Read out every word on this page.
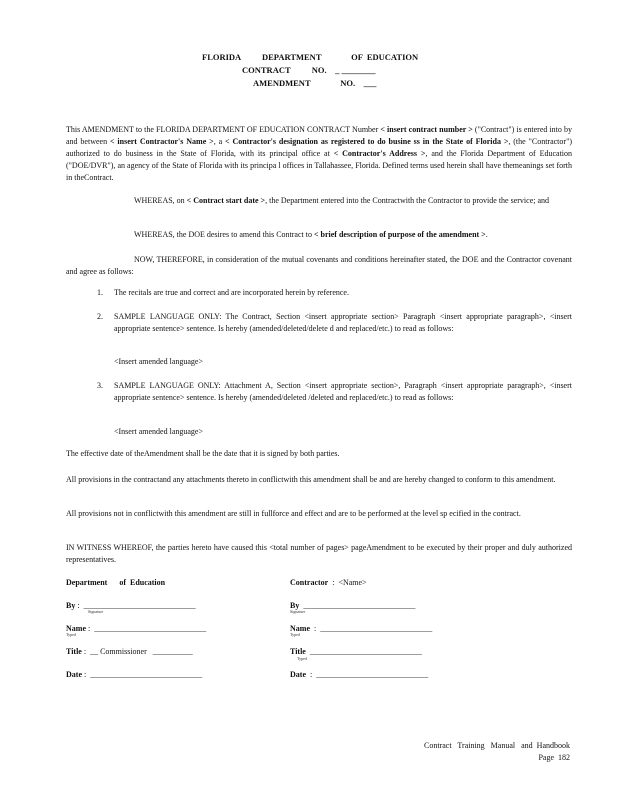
FLORIDA          DEPARTMENT              OF  EDUCATION
CONTRACT          NO.    _ ________
AMENDMENT              NO.    ___
This AMENDMENT to the FLORIDA DEPARTMENT OF EDUCATION CONTRACT Number < insert contract number > ("Contract") is entered into by and between < insert Contractor's Name >, a < Contractor's designation as registered to do busine ss in the State of Florida >, (the "Contractor") authorized to do business in the State of Florida, with its principal office at < Contractor's Address >, and the Florida Department of Education ("DOE/DVR"), an agency of the State of Florida with its principa l offices in Tallahassee, Florida. Defined terms used herein shall have themeanings set forth in theContract.
WHEREAS, on < Contract start date >, the Department entered into the Contractwith the Contractor to provide the service; and
WHEREAS, the DOE desires to amend this Contract to < brief description of purpose of the amendment >.
NOW, THEREFORE, in consideration of the mutual covenants and conditions hereinafter stated, the DOE and the Contractor covenant and agree as follows:
1.	The recitals are true and correct and are incorporated herein by reference.
2.	SAMPLE LANGUAGE ONLY: The Contract, Section <insert appropriate section> Paragraph <insert appropriate paragraph>, <insert appropriate sentence> sentence. Is hereby (amended/deleted/delete d and replaced/etc.) to read as follows:
<Insert amended language>
3.	SAMPLE LANGUAGE ONLY: Attachment A, Section <insert appropriate section>, Paragraph <insert appropriate paragraph>, <insert appropriate sentence> sentence. Is hereby (amended/deleted /deleted and replaced/etc.) to read as follows:
<Insert amended language>
The effective date of theAmendment shall be the date that it is signed by both parties.
All provisions in the contractand any attachments thereto in conflictwith this amendment shall be and are hereby changed to conform to this amendment.
All provisions not in conflictwith this amendment are still in fullforce and effect and are to be performed at the level sp ecified in the contract.
IN WITNESS WHEREOF, the parties hereto have caused this <total number of pages> pageAmendment to be executed by their proper and duly authorized representatives.
Department      of  Education
By :  ____________________________
Signature
Name :  ____________________________
Typed
Title :  __ Commissioner   __________
Date :  ____________________________
Contractor  :  <Name>
By  ____________________________
Signature
Name  :  ____________________________
Typed
Title  ____________________________
Typed
Date  :  ____________________________
Contract   Training   Manual   and  Handbook
Page  182
